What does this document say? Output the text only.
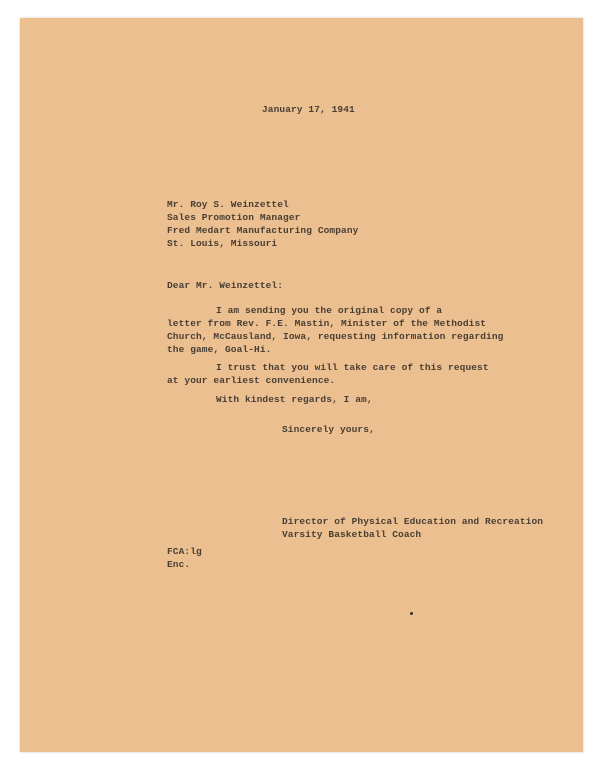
January 17, 1941
Mr. Roy S. Weinzettel
Sales Promotion Manager
Fred Medart Manufacturing Company
St. Louis, Missouri
Dear Mr. Weinzettel:
I am sending you the original copy of a
letter from Rev. F.E. Mastin, Minister of the Methodist
Church, McCausland, Iowa, requesting information regarding
the game, Goal-Hi.
I trust that you will take care of this request
at your earliest convenience.
With kindest regards, I am,
Sincerely yours,
Director of Physical Education and Recreation
Varsity Basketball Coach
FCA:lg
Enc.
